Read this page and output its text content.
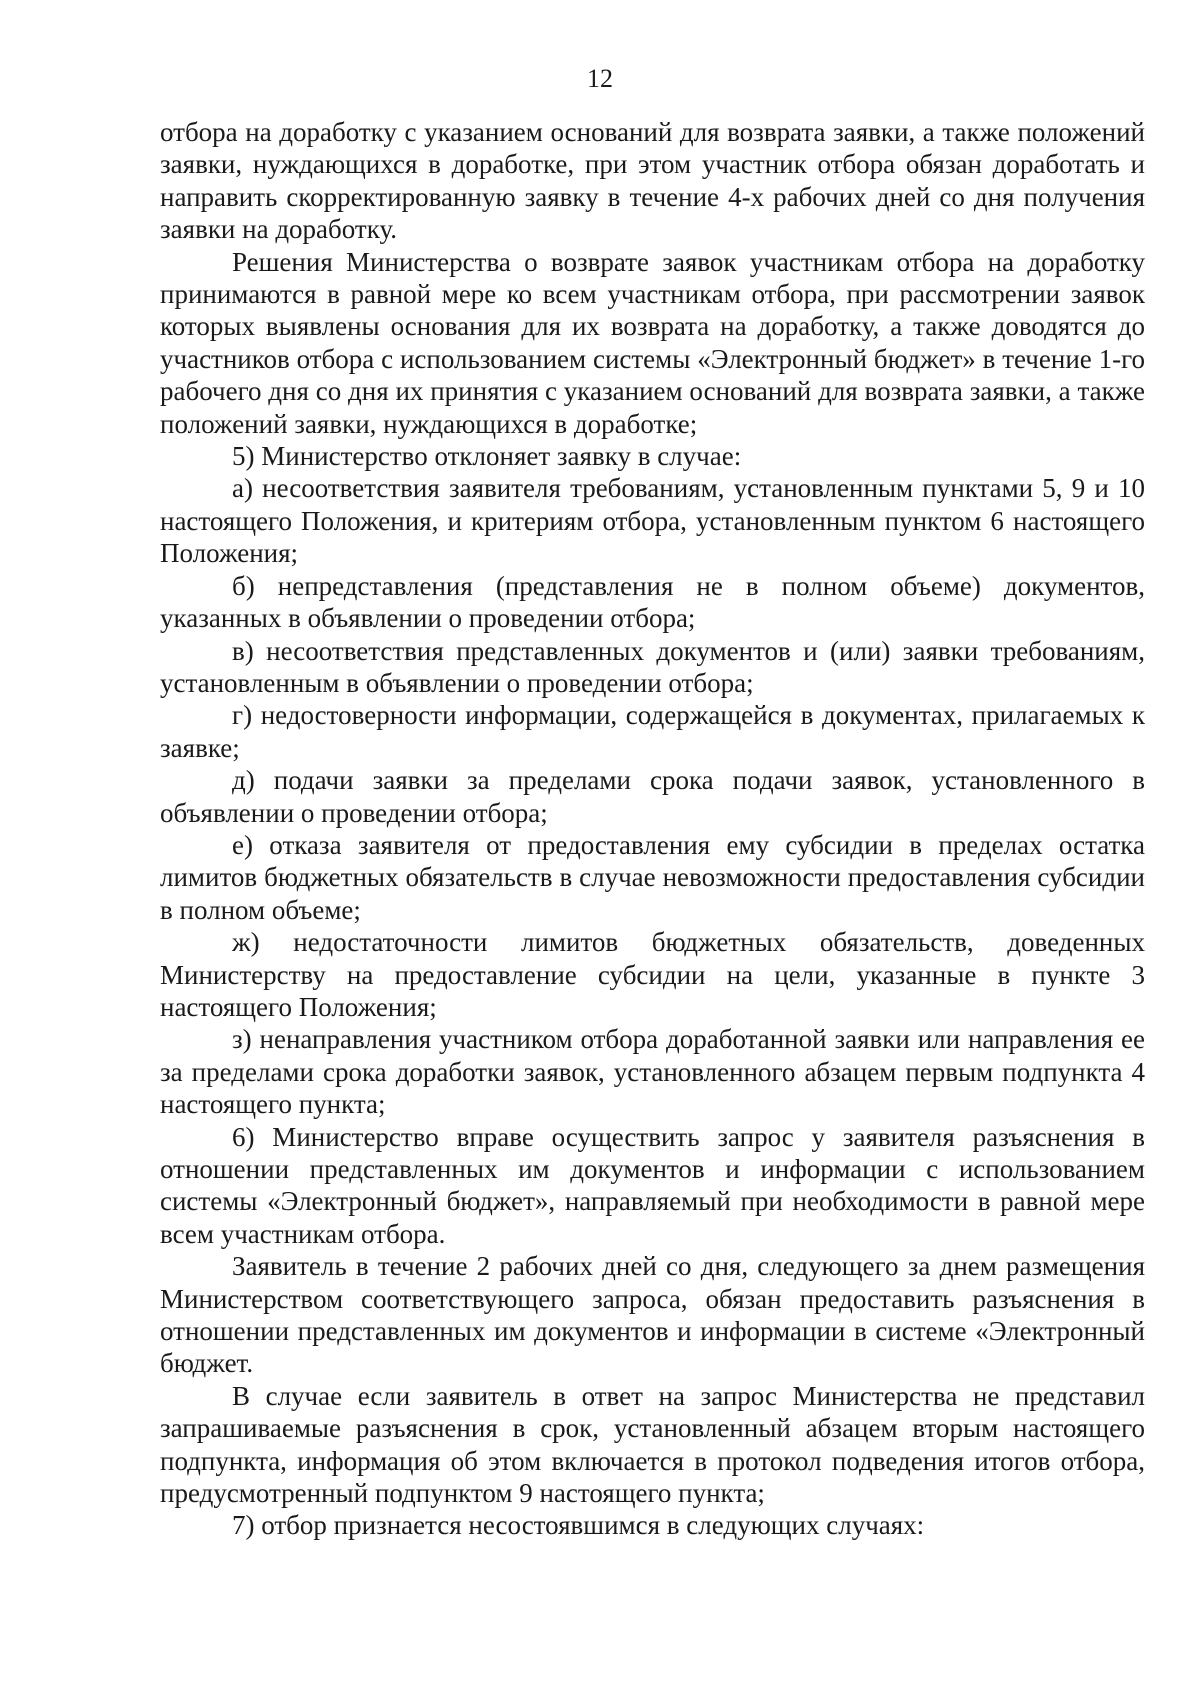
12

отбора на доработку с указанием оснований для возврата заявки, а также положений заявки, нуждающихся в доработке, при этом участник отбора обязан доработать и направить скорректированную заявку в течение 4-х рабочих дней со дня получения заявки на доработку.

Решения Министерства о возврате заявок участникам отбора на доработку принимаются в равной мере ко всем участникам отбора, при рассмотрении заявок которых выявлены основания для их возврата на доработку, а также доводятся до участников отбора с использованием системы «Электронный бюджет» в течение 1-го рабочего дня со дня их принятия с указанием оснований для возврата заявки, а также положений заявки, нуждающихся в доработке;

5) Министерство отклоняет заявку в случае:

а) несоответствия заявителя требованиям, установленным пунктами 5, 9 и 10 настоящего Положения, и критериям отбора, установленным пунктом 6 настоящего Положения;

б) непредставления (представления не в полном объеме) документов, указанных в объявлении о проведении отбора;

в) несоответствия представленных документов и (или) заявки требованиям, установленным в объявлении о проведении отбора;

г) недостоверности информации, содержащейся в документах, прилагаемых к заявке;

д) подачи заявки за пределами срока подачи заявок, установленного в объявлении о проведении отбора;

е) отказа заявителя от предоставления ему субсидии в пределах остатка лимитов бюджетных обязательств в случае невозможности предоставления субсидии в полном объеме;

ж) недостаточности лимитов бюджетных обязательств, доведенных Министерству на предоставление субсидии на цели, указанные в пункте 3 настоящего Положения;

з) ненаправления участником отбора доработанной заявки или направления ее за пределами срока доработки заявок, установленного абзацем первым подпункта 4 настоящего пункта;

6) Министерство вправе осуществить запрос у заявителя разъяснения в отношении представленных им документов и информации с использованием системы «Электронный бюджет», направляемый при необходимости в равной мере всем участникам отбора.

Заявитель в течение 2 рабочих дней со дня, следующего за днем размещения Министерством соответствующего запроса, обязан предоставить разъяснения в отношении представленных им документов и информации в системе «Электронный бюджет.

В случае если заявитель в ответ на запрос Министерства не представил запрашиваемые разъяснения в срок, установленный абзацем вторым настоящего подпункта, информация об этом включается в протокол подведения итогов отбора, предусмотренный подпунктом 9 настоящего пункта;

7) отбор признается несостоявшимся в следующих случаях:
